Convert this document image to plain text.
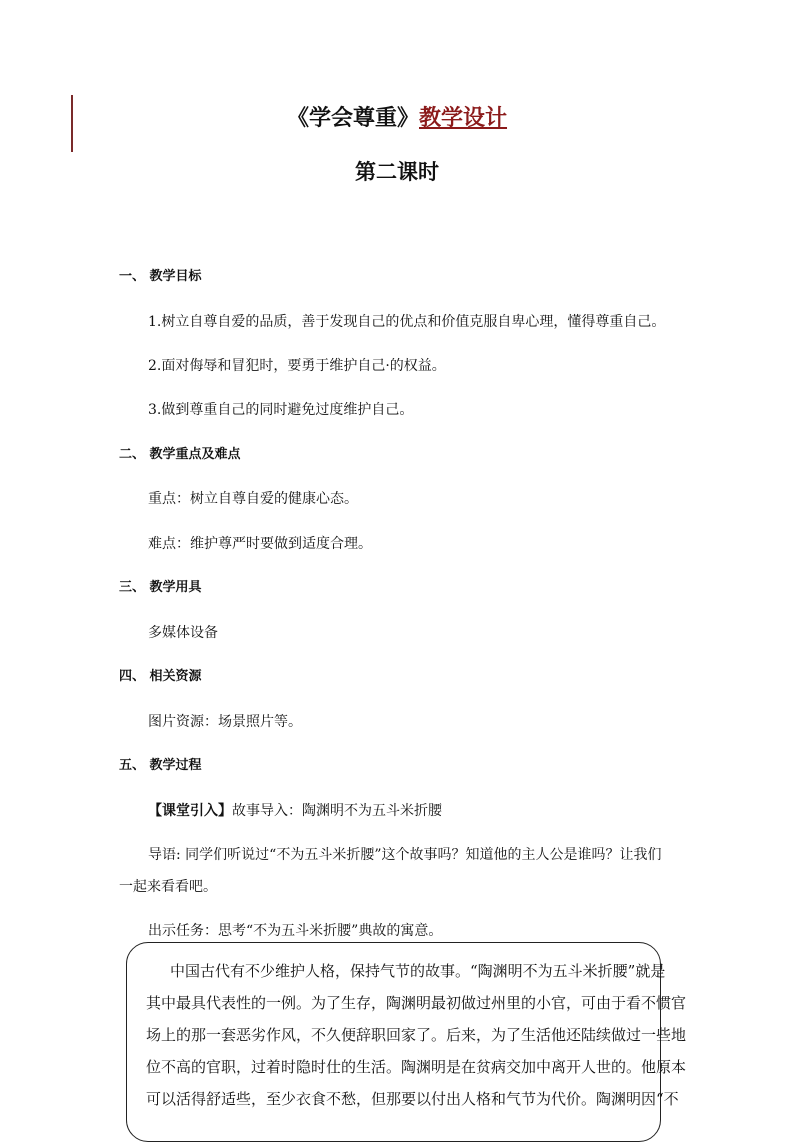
《学会尊重》教学设计
第二课时
一、 教学目标
1.树立自尊自爱的品质，善于发现自己的优点和价值克服自卑心理，懂得尊重自己。
2.面对侮辱和冒犯时，要勇于维护自己·的权益。
3.做到尊重自己的同时避免过度维护自己。
二、 教学重点及难点
重点：树立自尊自爱的健康心态。
难点：维护尊严时要做到适度合理。
三、 教学用具
多媒体设备
四、 相关资源
图片资源：场景照片等。
五、 教学过程
【课堂引入】故事导入：陶渊明不为五斗米折腰
导语: 同学们听说过“不为五斗米折腰”这个故事吗？知道他的主人公是谁吗？让我们
一起来看看吧。
出示任务：思考“不为五斗米折腰”典故的寓意。
中国古代有不少维护人格，保持气节的故事。“陶渊明不为五斗米折腰”就是
其中最具代表性的一例。为了生存，陶渊明最初做过州里的小官，可由于看不惯官
场上的那一套恶劣作风，不久便辞职回家了。后来，为了生活他还陆续做过一些地
位不高的官职，过着时隐时仕的生活。陶渊明是在贫病交加中离开人世的。他原本
可以活得舒适些，至少衣食不愁，但那要以付出人格和气节为代价。陶渊明因“不
